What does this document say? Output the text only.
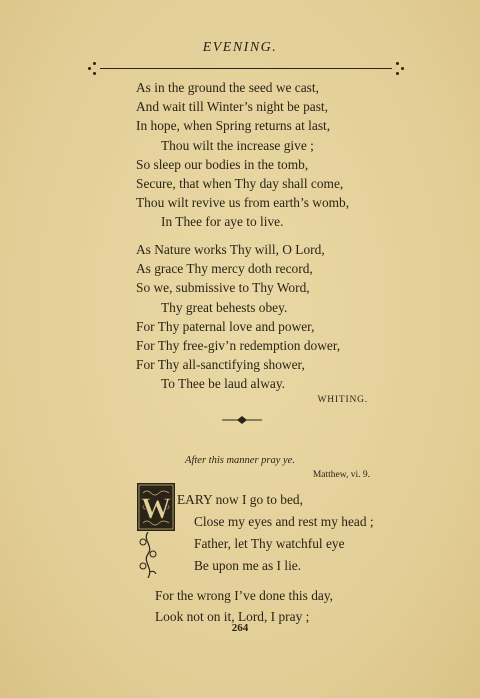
EVENING.
As in the ground the seed we cast,
And wait till Winter’s night be past,
In hope, when Spring returns at last,
Thou wilt the increase give ;
So sleep our bodies in the tomb,
Secure, that when Thy day shall come,
Thou wilt revive us from earth’s womb,
In Thee for aye to live.
As Nature works Thy will, O Lord,
As grace Thy mercy doth record,
So we, submissive to Thy Word,
Thy great behests obey.
For Thy paternal love and power,
For Thy free-giv’n redemption dower,
For Thy all-sanctifying shower,
To Thee be laud alway.
WHITING.
After this manner pray ye.
Matthew, vi. 9.
W EARY now I go to bed,
Close my eyes and rest my head ;
Father, let Thy watchful eye
Be upon me as I lie.
For the wrong I’ve done this day,
Look not on it, Lord, I pray ;
264
